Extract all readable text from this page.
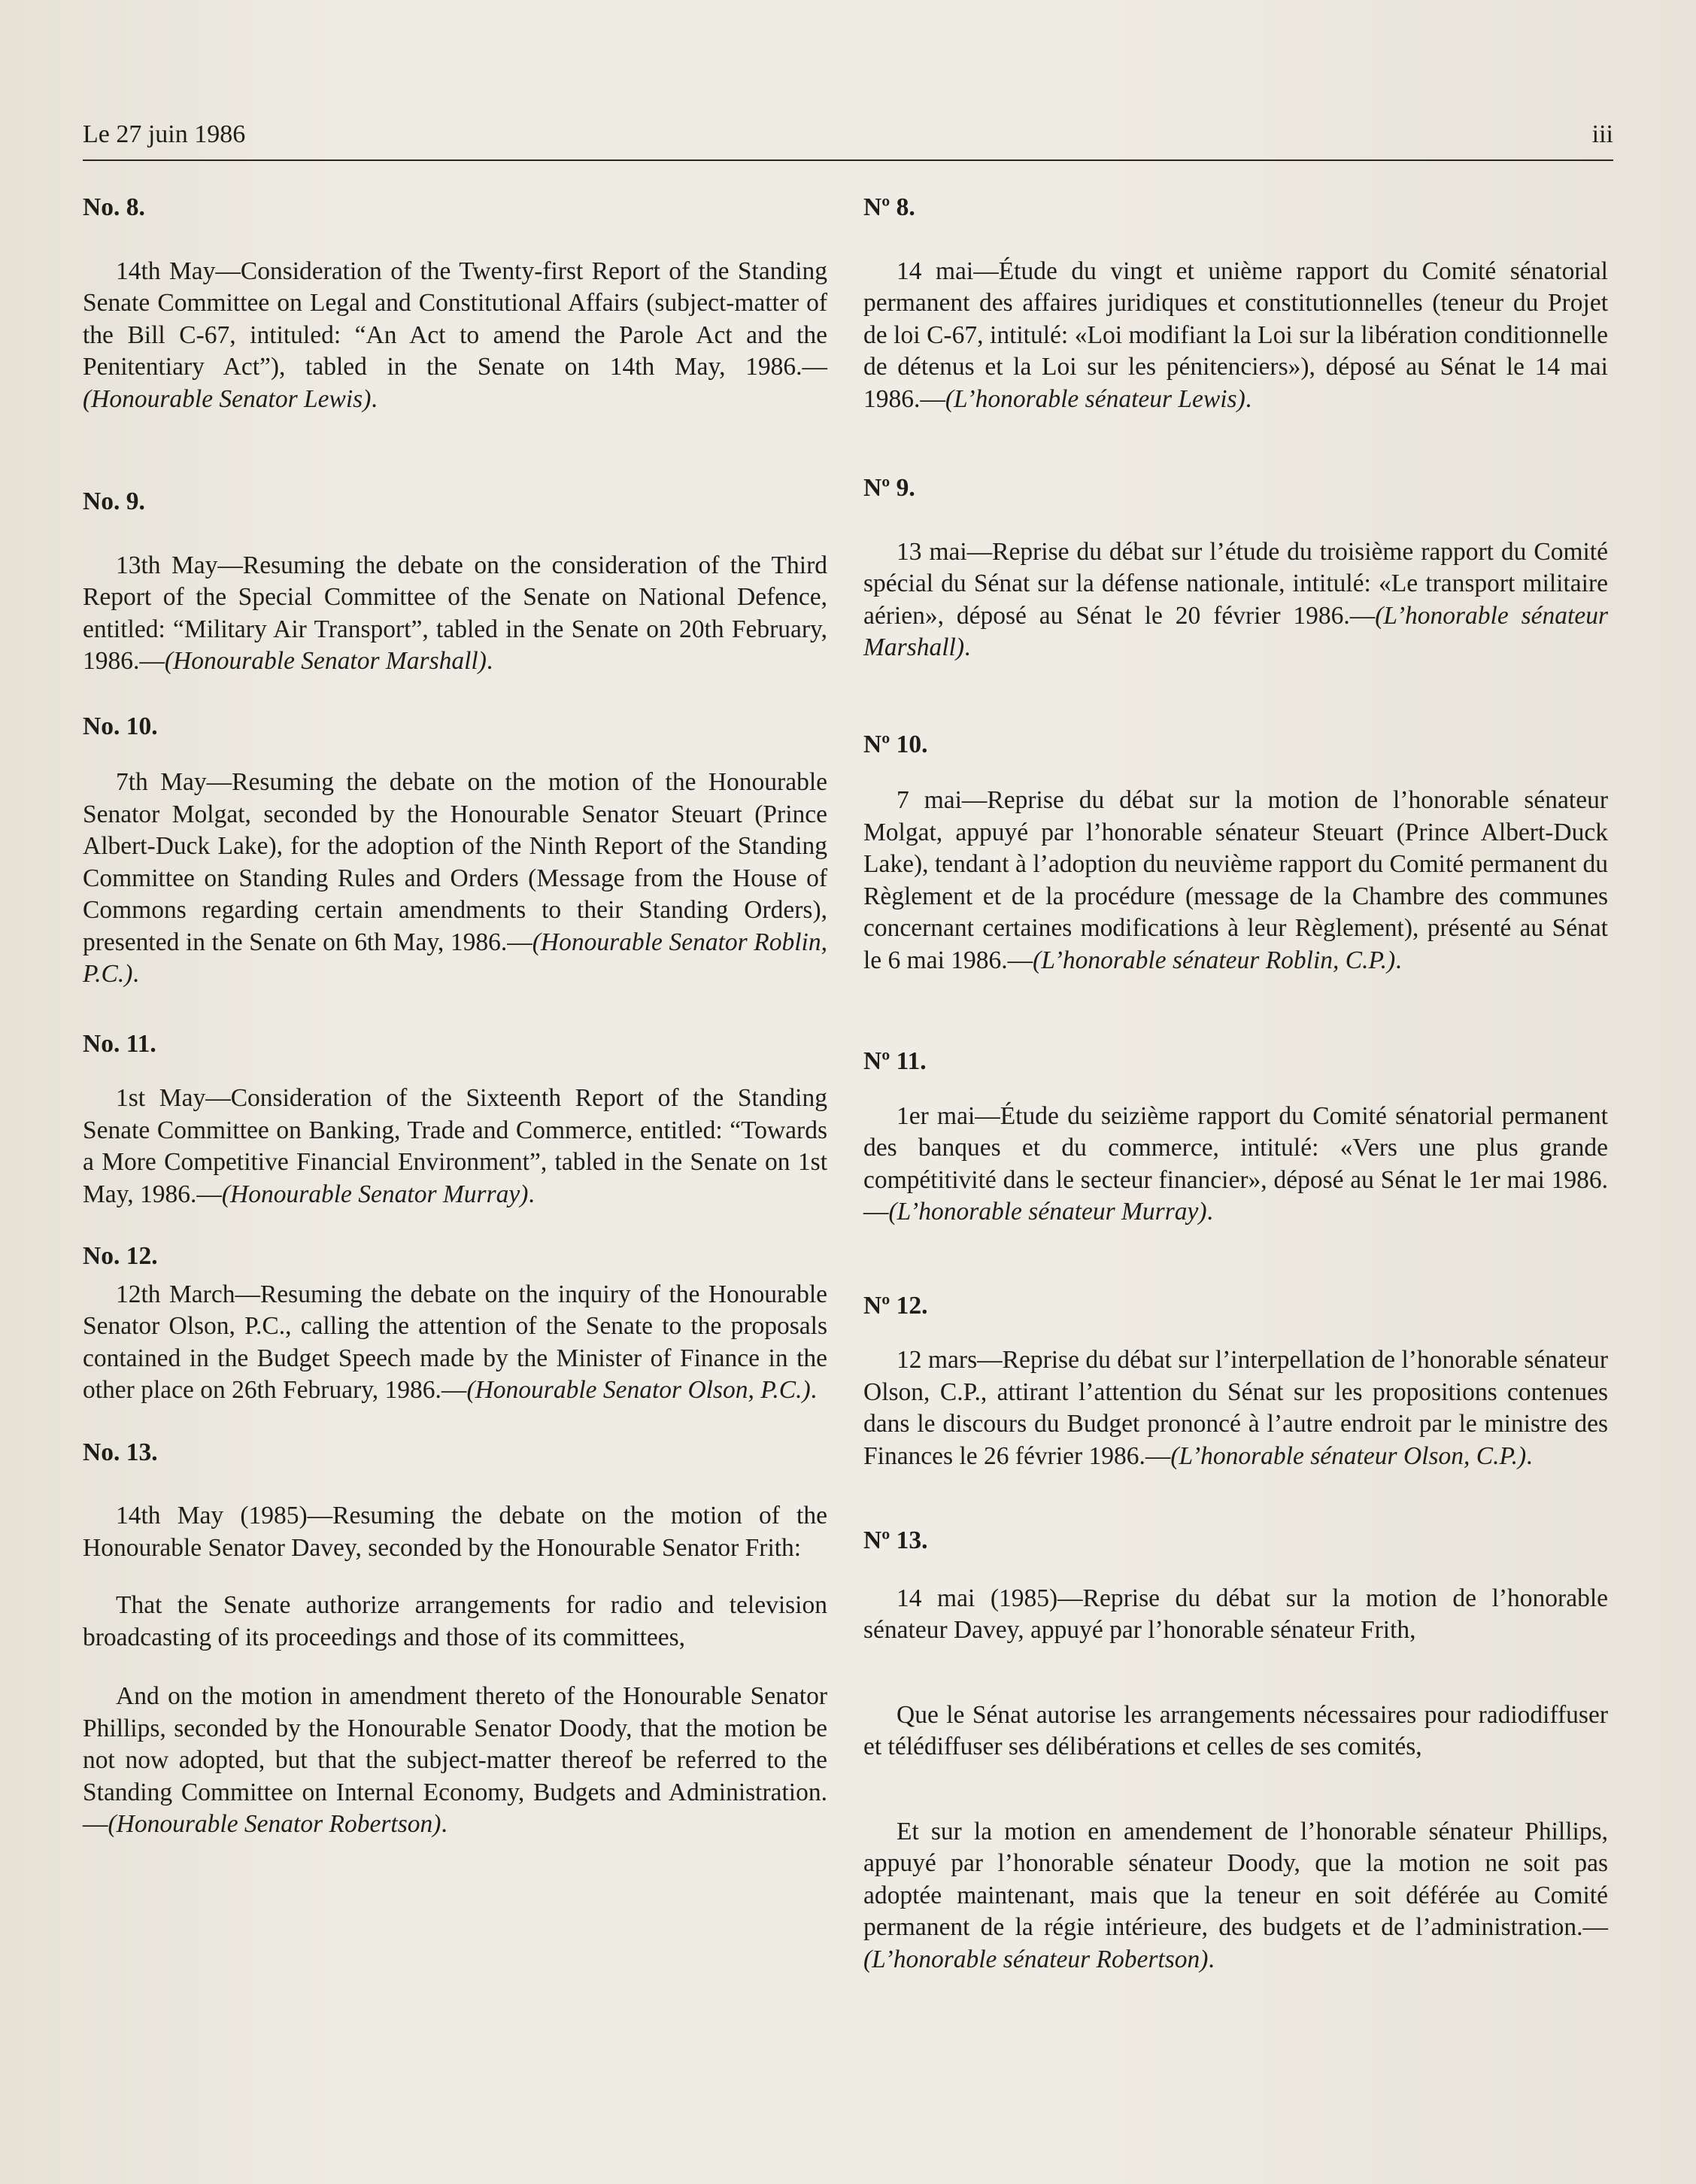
Le 27 juin 1986	iii

No. 8.

14th May—Consideration of the Twenty-first Report of the Standing Senate Committee on Legal and Constitutional Affairs (subject-matter of the Bill C-67, intituled: “An Act to amend the Parole Act and the Penitentiary Act”), tabled in the Senate on 14th May, 1986.—(Honourable Senator Lewis).

No. 9.

13th May—Resuming the debate on the consideration of the Third Report of the Special Committee of the Senate on National Defence, entitled: “Military Air Transport”, tabled in the Senate on 20th February, 1986.—(Honourable Senator Marshall).

No. 10.

7th May—Resuming the debate on the motion of the Honourable Senator Molgat, seconded by the Honourable Senator Steuart (Prince Albert-Duck Lake), for the adoption of the Ninth Report of the Standing Committee on Standing Rules and Orders (Message from the House of Commons regarding certain amendments to their Standing Orders), presented in the Senate on 6th May, 1986.—(Honourable Senator Roblin, P.C.).

No. 11.

1st May—Consideration of the Sixteenth Report of the Standing Senate Committee on Banking, Trade and Commerce, entitled: “Towards a More Competitive Financial Environment”, tabled in the Senate on 1st May, 1986.—(Honourable Senator Murray).

No. 12.

12th March—Resuming the debate on the inquiry of the Honourable Senator Olson, P.C., calling the attention of the Senate to the proposals contained in the Budget Speech made by the Minister of Finance in the other place on 26th February, 1986.—(Honourable Senator Olson, P.C.).

No. 13.

14th May (1985)—Resuming the debate on the motion of the Honourable Senator Davey, seconded by the Honourable Senator Frith:

That the Senate authorize arrangements for radio and television broadcasting of its proceedings and those of its committees,

And on the motion in amendment thereto of the Honourable Senator Phillips, seconded by the Honourable Senator Doody, that the motion be not now adopted, but that the subject-matter thereof be referred to the Standing Committee on Internal Economy, Budgets and Administration.—(Honourable Senator Robertson).

Nº 8.

14 mai—Étude du vingt et unième rapport du Comité sénatorial permanent des affaires juridiques et constitutionnelles (teneur du Projet de loi C-67, intitulé: «Loi modifiant la Loi sur la libération conditionnelle de détenus et la Loi sur les pénitenciers»), déposé au Sénat le 14 mai 1986.—(L’honorable sénateur Lewis).

Nº 9.

13 mai—Reprise du débat sur l’étude du troisième rapport du Comité spécial du Sénat sur la défense nationale, intitulé: «Le transport militaire aérien», déposé au Sénat le 20 février 1986.—(L’honorable sénateur Marshall).

Nº 10.

7 mai—Reprise du débat sur la motion de l’honorable sénateur Molgat, appuyé par l’honorable sénateur Steuart (Prince Albert-Duck Lake), tendant à l’adoption du neuvième rapport du Comité permanent du Règlement et de la procédure (message de la Chambre des communes concernant certaines modifications à leur Règlement), présenté au Sénat le 6 mai 1986.—(L’honorable sénateur Roblin, C.P.).

Nº 11.

1er mai—Étude du seizième rapport du Comité sénatorial permanent des banques et du commerce, intitulé: «Vers une plus grande compétitivité dans le secteur financier», déposé au Sénat le 1er mai 1986.—(L’honorable sénateur Murray).

Nº 12.

12 mars—Reprise du débat sur l’interpellation de l’honorable sénateur Olson, C.P., attirant l’attention du Sénat sur les propositions contenues dans le discours du Budget prononcé à l’autre endroit par le ministre des Finances le 26 février 1986.—(L’honorable sénateur Olson, C.P.).

Nº 13.

14 mai (1985)—Reprise du débat sur la motion de l’honorable sénateur Davey, appuyé par l’honorable sénateur Frith,

Que le Sénat autorise les arrangements nécessaires pour radiodiffuser et télédiffuser ses délibérations et celles de ses comités,

Et sur la motion en amendement de l’honorable sénateur Phillips, appuyé par l’honorable sénateur Doody, que la motion ne soit pas adoptée maintenant, mais que la teneur en soit déférée au Comité permanent de la régie intérieure, des budgets et de l’administration.—(L’honorable sénateur Robertson).
